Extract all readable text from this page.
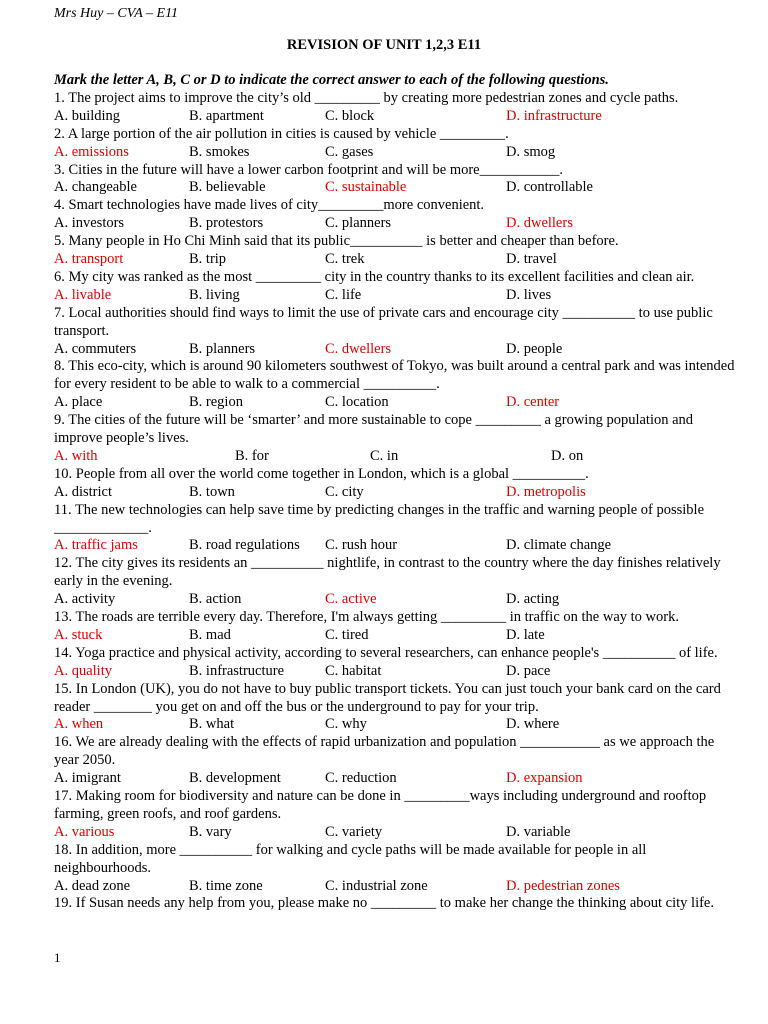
Mrs Huy – CVA – E11
REVISION OF UNIT 1,2,3 E11
Mark the letter A, B, C or D to indicate the correct answer to each of the following questions.
1. The project aims to improve the city’s old _________ by creating more pedestrian zones and cycle paths.
A. building	B. apartment	C. block	D. infrastructure
2. A large portion of the air pollution in cities is caused by vehicle _________.
A. emissions	B. smokes	C. gases	D. smog
3. Cities in the future will have a lower carbon footprint and will be more___________.
A. changeable	B. believable	C. sustainable	D. controllable
4. Smart technologies have made lives of city_________more convenient.
A. investors	B. protestors	C. planners	D. dwellers
5. Many people in Ho Chi Minh said that its public__________ is better and cheaper than before.
A. transport	B. trip	C. trek	D. travel
6. My city was ranked as the most _________ city in the country thanks to its excellent facilities and clean air.
A. livable	B. living	C. life	D. lives
7. Local authorities should find ways to limit the use of private cars and encourage city __________ to use public transport.
A. commuters	B. planners	C. dwellers	D. people
8. This eco-city, which is around 90 kilometers southwest of Tokyo, was built around a central park and was intended for every resident to be able to walk to a commercial __________.
A. place	B. region	C. location	D. center
9. The cities of the future will be ‘smarter’ and more sustainable to cope _________ a growing population and improve people’s lives.
A. with	B. for	C. in	D. on
10. People from all over the world come together in London, which is a global __________.
A. district	B. town	C. city	D. metropolis
11. The new technologies can help save time by predicting changes in the traffic and warning people of possible _____________.
A. traffic jams	B. road regulations C. rush hour	D. climate change
12. The city gives its residents an __________ nightlife, in contrast to the country where the day finishes relatively early in the evening.
A. activity	B. action	C. active	D. acting
13. The roads are terrible every day. Therefore, I'm always getting _________ in traffic on the way to work.
A. stuck	B. mad	C. tired	D. late
14. Yoga practice and physical activity, according to several researchers, can enhance people's __________ of life.
A. quality	B. infrastructure	C. habitat	D. pace
15. In London (UK), you do not have to buy public transport tickets. You can just touch your bank card on the card reader ________ you get on and off the bus or the underground to pay for your trip.
A. when	B. what	C. why	D. where
16. We are already dealing with the effects of rapid urbanization and population ___________ as we approach the year 2050.
A. imigrant	B. development	C. reduction	D. expansion
17. Making room for biodiversity and nature can be done in _________ways including underground and rooftop farming, green roofs, and roof gardens.
A. various	B. vary	C. variety	D. variable
18. In addition, more __________ for walking and cycle paths will be made available for people in all neighbourhoods.
A. dead zone	B. time zone	C. industrial zone	D. pedestrian zones
19. If Susan needs any help from you, please make no _________ to make her change the thinking about city life.
1
